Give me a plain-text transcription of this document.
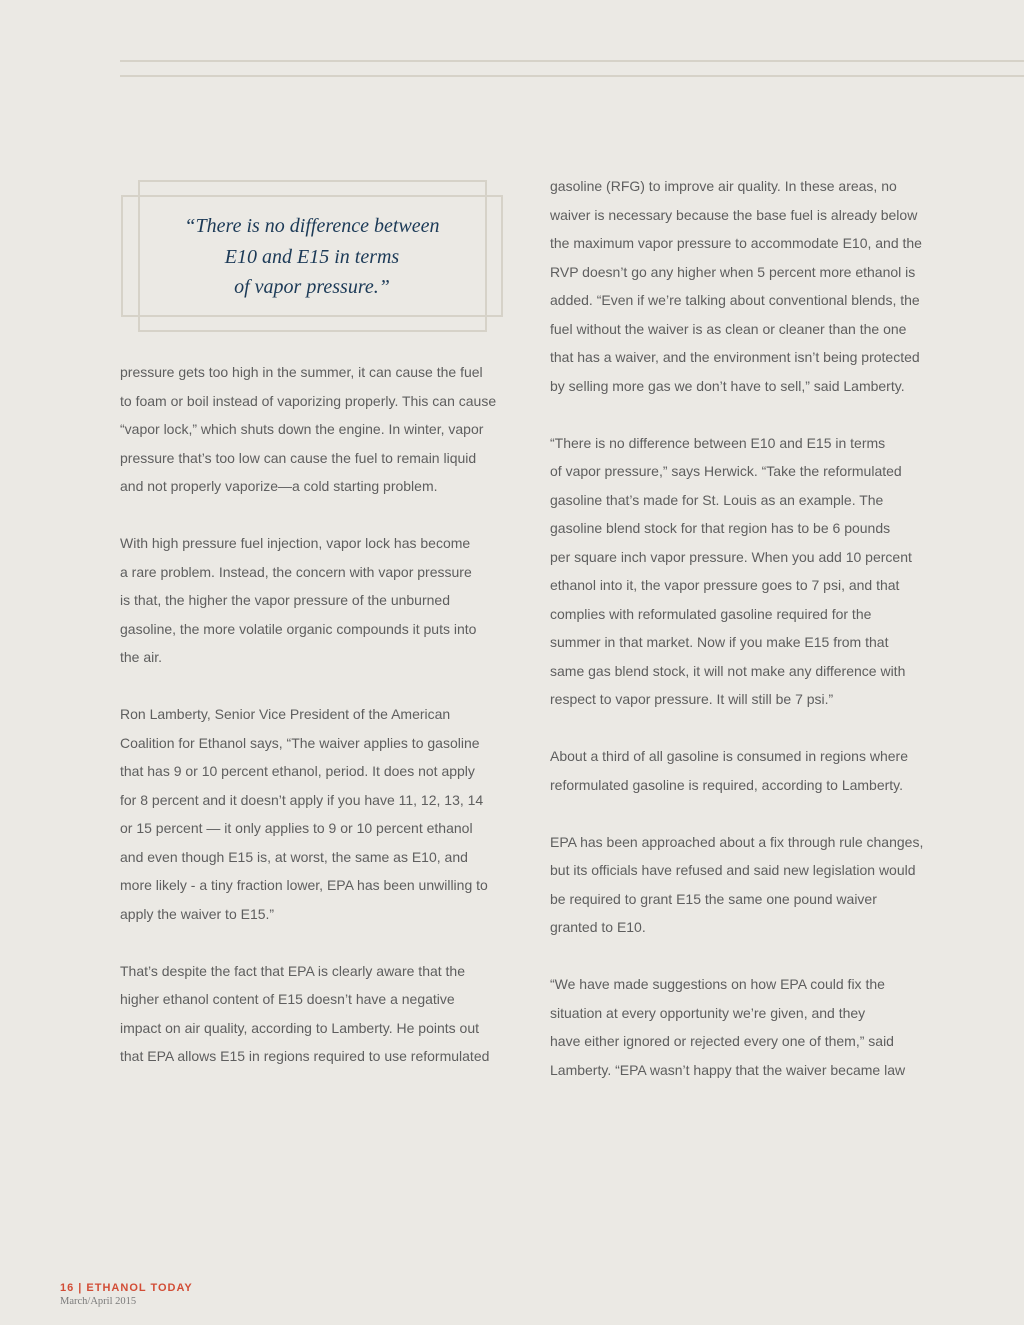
“There is no difference between
E10 and E15 in terms
of vapor pressure.”

pressure gets too high in the summer, it can cause the fuel
to foam or boil instead of vaporizing properly. This can cause
“vapor lock,” which shuts down the engine. In winter, vapor
pressure that’s too low can cause the fuel to remain liquid
and not properly vaporize—a cold starting problem.

With high pressure fuel injection, vapor lock has become
a rare problem. Instead, the concern with vapor pressure
is that, the higher the vapor pressure of the unburned
gasoline, the more volatile organic compounds it puts into
the air.

Ron Lamberty, Senior Vice President of the American
Coalition for Ethanol says, “The waiver applies to gasoline
that has 9 or 10 percent ethanol, period. It does not apply
for 8 percent and it doesn’t apply if you have 11, 12, 13, 14
or 15 percent — it only applies to 9 or 10 percent ethanol
and even though E15 is, at worst, the same as E10, and
more likely - a tiny fraction lower, EPA has been unwilling to
apply the waiver to E15.”

That’s despite the fact that EPA is clearly aware that the
higher ethanol content of E15 doesn’t have a negative
impact on air quality, according to Lamberty. He points out
that EPA allows E15 in regions required to use reformulated

gasoline (RFG) to improve air quality. In these areas, no
waiver is necessary because the base fuel is already below
the maximum vapor pressure to accommodate E10, and the
RVP doesn’t go any higher when 5 percent more ethanol is
added. “Even if we’re talking about conventional blends, the
fuel without the waiver is as clean or cleaner than the one
that has a waiver, and the environment isn’t being protected
by selling more gas we don’t have to sell,” said Lamberty.

“There is no difference between E10 and E15 in terms
of vapor pressure,” says Herwick. “Take the reformulated
gasoline that’s made for St. Louis as an example. The
gasoline blend stock for that region has to be 6 pounds
per square inch vapor pressure. When you add 10 percent
ethanol into it, the vapor pressure goes to 7 psi, and that
complies with reformulated gasoline required for the
summer in that market. Now if you make E15 from that
same gas blend stock, it will not make any difference with
respect to vapor pressure. It will still be 7 psi.”

About a third of all gasoline is consumed in regions where
reformulated gasoline is required, according to Lamberty.

EPA has been approached about a fix through rule changes,
but its officials have refused and said new legislation would
be required to grant E15 the same one pound waiver
granted to E10.

“We have made suggestions on how EPA could fix the
situation at every opportunity we’re given, and they
have either ignored or rejected every one of them,” said
Lamberty. “EPA wasn’t happy that the waiver became law

16 | ETHANOL TODAY
March/April 2015
